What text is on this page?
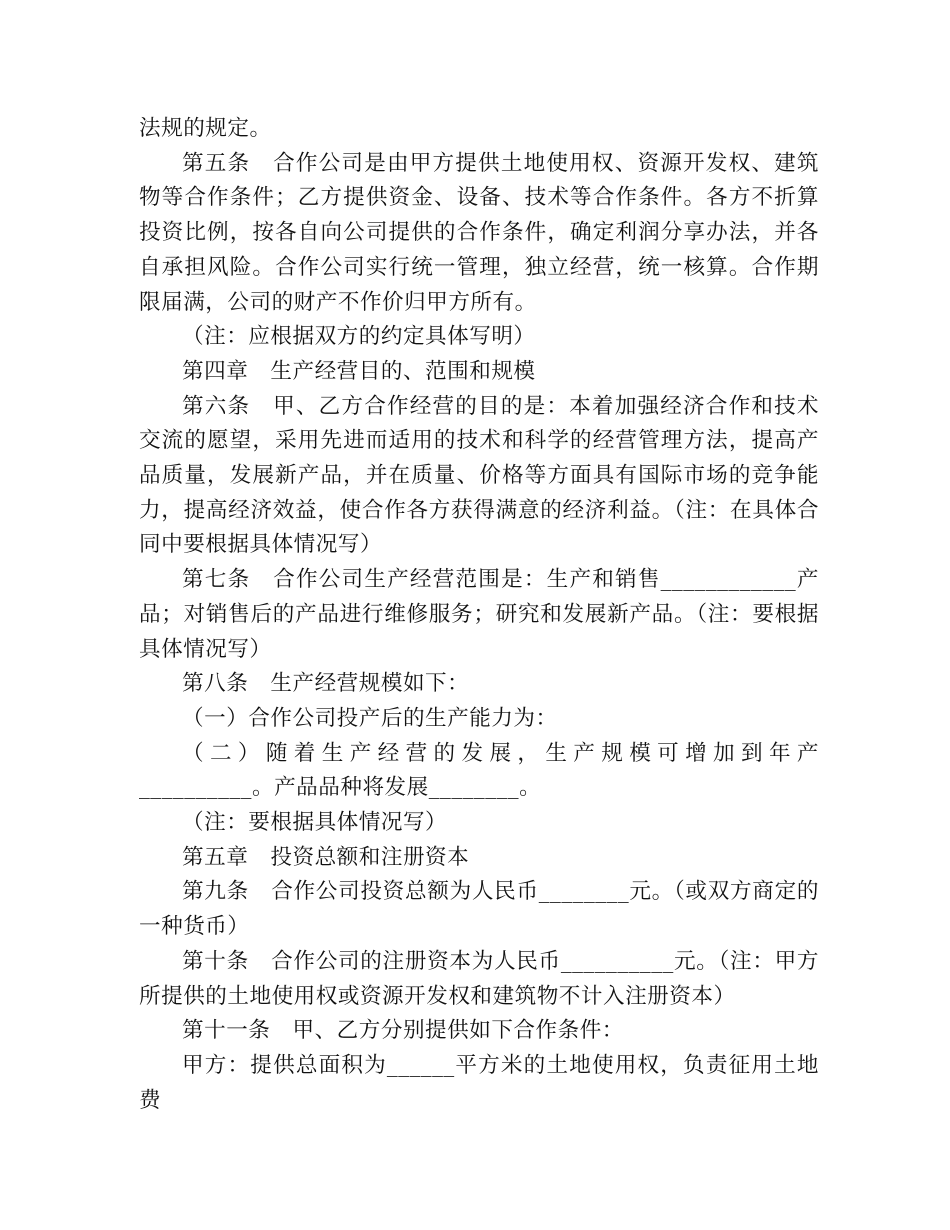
法规的规定。

第五条　合作公司是由甲方提供土地使用权、资源开发权、建筑物等合作条件；乙方提供资金、设备、技术等合作条件。各方不折算投资比例，按各自向公司提供的合作条件，确定利润分享办法，并各自承担风险。合作公司实行统一管理，独立经营，统一核算。合作期限届满，公司的财产不作价归甲方所有。

（注：应根据双方的约定具体写明）

第四章　生产经营目的、范围和规模

第六条　甲、乙方合作经营的目的是：本着加强经济合作和技术交流的愿望，采用先进而适用的技术和科学的经营管理方法，提高产品质量，发展新产品，并在质量、价格等方面具有国际市场的竞争能力，提高经济效益，使合作各方获得满意的经济利益。（注：在具体合同中要根据具体情况写）

第七条　合作公司生产经营范围是：生产和销售____________产品；对销售后的产品进行维修服务；研究和发展新产品。（注：要根据具体情况写）

第八条　生产经营规模如下：

（一）合作公司投产后的生产能力为：

（二）随着生产经营的发展，生产规模可增加到年产__________。产品品种将发展________。

（注：要根据具体情况写）

第五章　投资总额和注册资本

第九条　合作公司投资总额为人民币________元。（或双方商定的一种货币）

第十条　合作公司的注册资本为人民币__________元。（注：甲方所提供的土地使用权或资源开发权和建筑物不计入注册资本）

第十一条　甲、乙方分别提供如下合作条件：

甲方：提供总面积为______平方米的土地使用权，负责征用土地费
